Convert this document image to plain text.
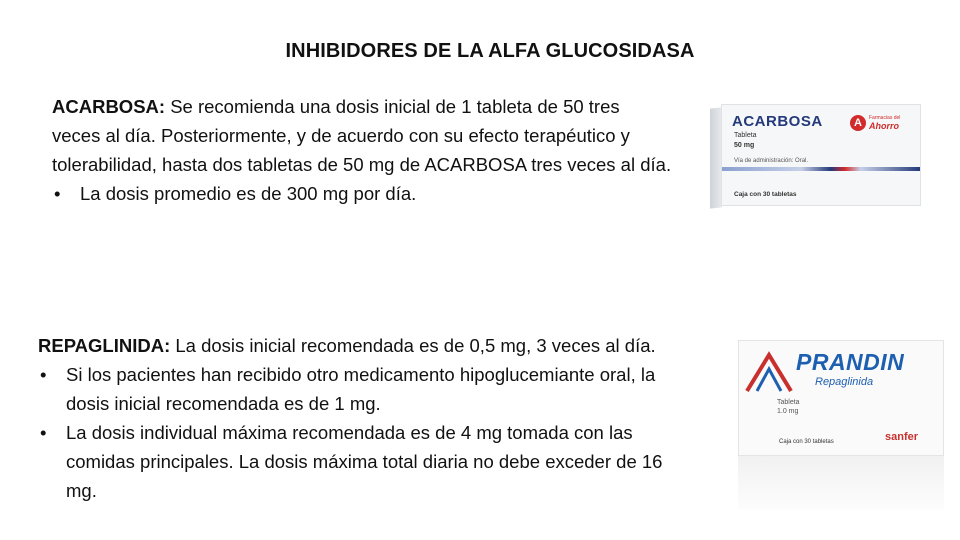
INHIBIDORES DE LA ALFA GLUCOSIDASA

ACARBOSA: Se recomienda una dosis inicial de 1 tableta de 50 tres veces al día. Posteriormente, y de acuerdo con su efecto terapéutico y tolerabilidad, hasta dos tabletas de 50 mg de ACARBOSA tres veces al día.

• La dosis promedio es de 300 mg por día.

REPAGLINIDA: La dosis inicial recomendada es de 0,5 mg, 3 veces al día.

• Si los pacientes han recibido otro medicamento hipoglucemiante oral, la dosis inicial recomendada es de 1 mg.

• La dosis individual máxima recomendada es de 4 mg tomada con las comidas principales. La dosis máxima total diaria no debe exceder de 16 mg.

ACARBOSA
Tableta
50 mg
Vía de administración: Oral.
Caja con 30 tabletas
A	Farmacias del
Ahorro
PRANDIN
Repaglinida
Tableta
1.0 mg
Caja con 30 tabletas	sanfer
